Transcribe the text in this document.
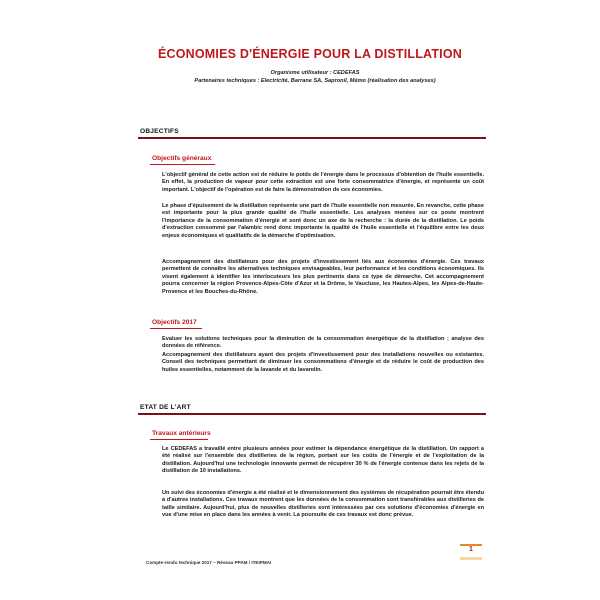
ÉCONOMIES D'ÉNERGIE POUR LA DISTILLATION
Organisme utilisateur : CEDEFAS
Partenaires techniques : Electricité, Barrane SA, Sapronil, Mémo (réalisation des analyses)
OBJECTIFS
Objectifs généraux

L'objectif général de cette action est de réduire le poids de l'énergie dans le processus d'obtention de l'huile essentielle. En effet, la production de vapeur pour cette extraction est une forte consommatrice d'énergie, et représente un coût important. L'objectif de l'opération est de faire la démonstration de ces économies.

Le phase d'épuisement de la distillation représente une part de l'huile essentielle non mesurée. En revanche, cette phase est importante pour la plus grande qualité de l'huile essentielle. Les analyses menées sur ce poste montrent l'importance de la consommation d'énergie et sont donc un axe de la recherche : la durée de la distillation. Le poids d'extraction consommé par l'alambic rend donc importante la qualité de l'huile essentielle et l'équilibre entre les deux enjeux économiques et qualitatifs de la démarche d'optimisation.

Accompagnement des distillateurs pour des projets d'investissement liés aux économies d'énergie. Ces travaux permettent de connaître les alternatives techniques envisageables, leur performance et les conditions économiques. Ils visent également à identifier les interlocuteurs les plus pertinents dans ce type de démarche. Cet accompagnement pourra concerner la région Provence-Alpes-Côte d'Azur et la Drôme, le Vaucluse, les Hautes-Alpes, les Alpes-de-Haute-Provence et les Bouches-du-Rhône.

Objectifs 2017

Evaluer les solutions techniques pour la diminution de la consommation énergétique de la distillation ; analyse des données de référence.

Accompagnement des distillateurs ayant des projets d'investissement pour des installations nouvelles ou existantes. Conseil des techniques permettant de diminuer les consommations d'énergie et de réduire le coût de production des huiles essentielles, notamment de la lavande et du lavandin.

ETAT DE L'ART
Travaux antérieurs

Le CEDEFAS a travaillé entre plusieurs années pour estimer la dépendance énergétique de la distillation. Un rapport a été réalisé sur l'ensemble des distilleries de la région, portant sur les coûts de l'énergie et de l'exploitation de la distillation. Aujourd'hui une technologie innovante permet de récupérer 30 % de l'énergie contenue dans les rejets de la distillation de 10 installations.

Un suivi des économies d'énergie a été réalisé et le dimensionnement des systèmes de récupération pourrait être étendu à d'autres installations. Ces travaux montrent que les données de la consommation sont transférables aux distilleries de taille similaire. Aujourd'hui, plus de nouvelles distilleries sont intéressées par ces solutions d'économies d'énergie en vue d'une mise en place dans les années à venir. La poursuite de ces travaux est donc prévue.

1
Compte-rendu technique 2017 – Réseau PPAM / ITEIPMAI
